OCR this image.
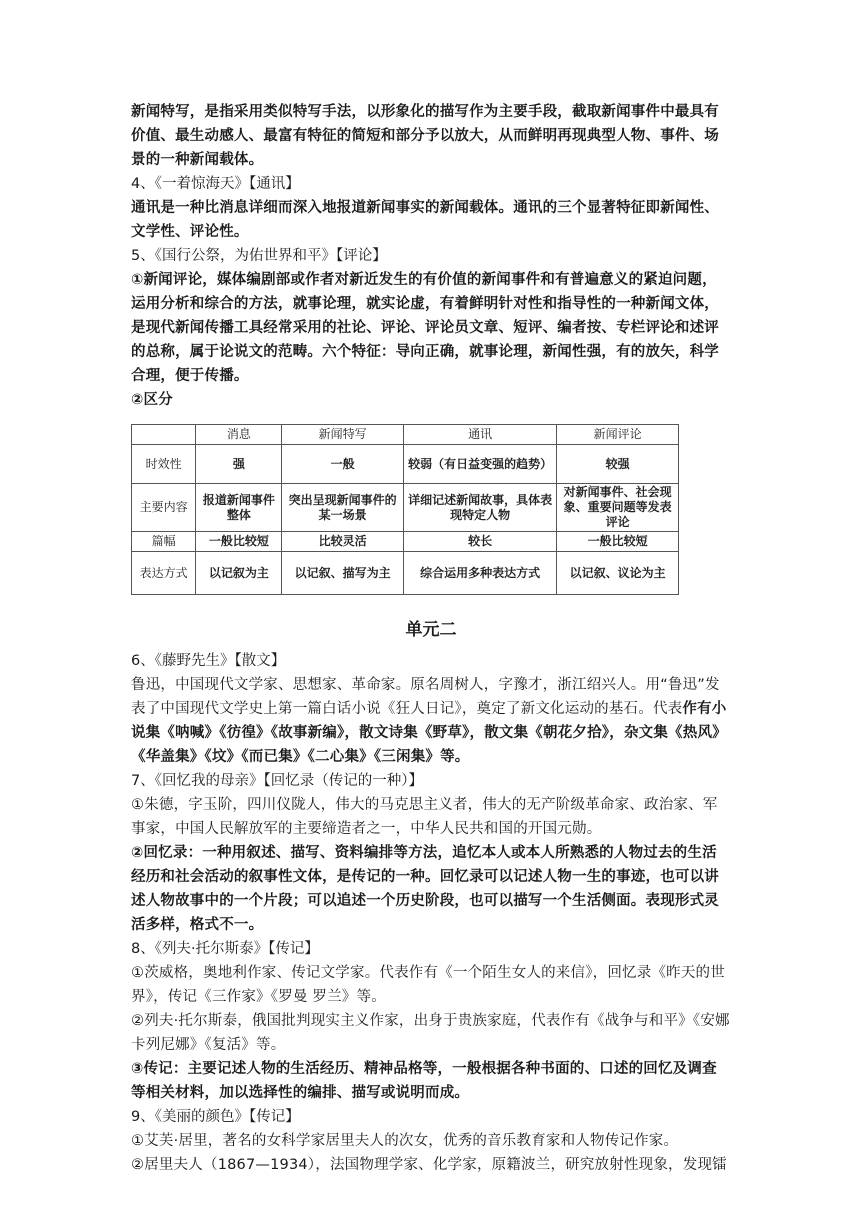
新闻特写，是指采用类似特写手法，以形象化的描写作为主要手段，截取新闻事件中最具有价值、最生动感人、最富有特征的简短和部分予以放大，从而鲜明再现典型人物、事件、场景的一种新闻载体。

4、《一着惊海天》【通讯】

通讯是一种比消息详细而深入地报道新闻事实的新闻载体。通讯的三个显著特征即新闻性、文学性、评论性。

5、《国行公祭，为佑世界和平》【评论】

①新闻评论，媒体编剧部或作者对新近发生的有价值的新闻事件和有普遍意义的紧迫问题，运用分析和综合的方法，就事论理，就实论虚，有着鲜明针对性和指导性的一种新闻文体，是现代新闻传播工具经常采用的社论、评论、评论员文章、短评、编者按、专栏评论和述评的总称，属于论说文的范畴。六个特征：导向正确，就事论理，新闻性强，有的放矢，科学合理，便于传播。

②区分

	消息	新闻特写	通讯	新闻评论
时效性	强	一般	较弱（有日益变强的趋势）	较强
主要内容	报道新闻事件整体	突出呈现新闻事件的某一场景	详细记述新闻故事，具体表现特定人物	对新闻事件、社会现象、重要问题等发表评论
篇幅	一般比较短	比较灵活	较长	一般比较短
表达方式	以记叙为主	以记叙、描写为主	综合运用多种表达方式	以记叙、议论为主
单元二

6、《藤野先生》【散文】

鲁迅，中国现代文学家、思想家、革命家。原名周树人，字豫才，浙江绍兴人。用“鲁迅”发表了中国现代文学史上第一篇白话小说《狂人日记》，奠定了新文化运动的基石。代表作有小说集《呐喊》《彷徨》《故事新编》，散文诗集《野草》，散文集《朝花夕拾》，杂文集《热风》《华盖集》《坟》《而已集》《二心集》《三闲集》等。

7、《回忆我的母亲》【回忆录（传记的一种）】

①朱德，字玉阶，四川仪陇人，伟大的马克思主义者，伟大的无产阶级革命家、政治家、军事家，中国人民解放军的主要缔造者之一，中华人民共和国的开国元勋。

②回忆录：一种用叙述、描写、资料编排等方法，追忆本人或本人所熟悉的人物过去的生活经历和社会活动的叙事性文体，是传记的一种。回忆录可以记述人物一生的事迹，也可以讲述人物故事中的一个片段；可以追述一个历史阶段，也可以描写一个生活侧面。表现形式灵活多样，格式不一。

8、《列夫·托尔斯泰》【传记】

①茨威格，奥地利作家、传记文学家。代表作有《一个陌生女人的来信》，回忆录《昨天的世界》，传记《三作家》《罗曼 罗兰》等。

②列夫·托尔斯泰，俄国批判现实主义作家，出身于贵族家庭，代表作有《战争与和平》《安娜卡列尼娜》《复活》等。

③传记：主要记述人物的生活经历、精神品格等，一般根据各种书面的、口述的回忆及调查等相关材料，加以选择性的编排、描写或说明而成。

9、《美丽的颜色》【传记】

①艾芙·居里，著名的女科学家居里夫人的次女，优秀的音乐教育家和人物传记作家。

②居里夫人（1867—1934），法国物理学家、化学家，原籍波兰，研究放射性现象，发现镭
